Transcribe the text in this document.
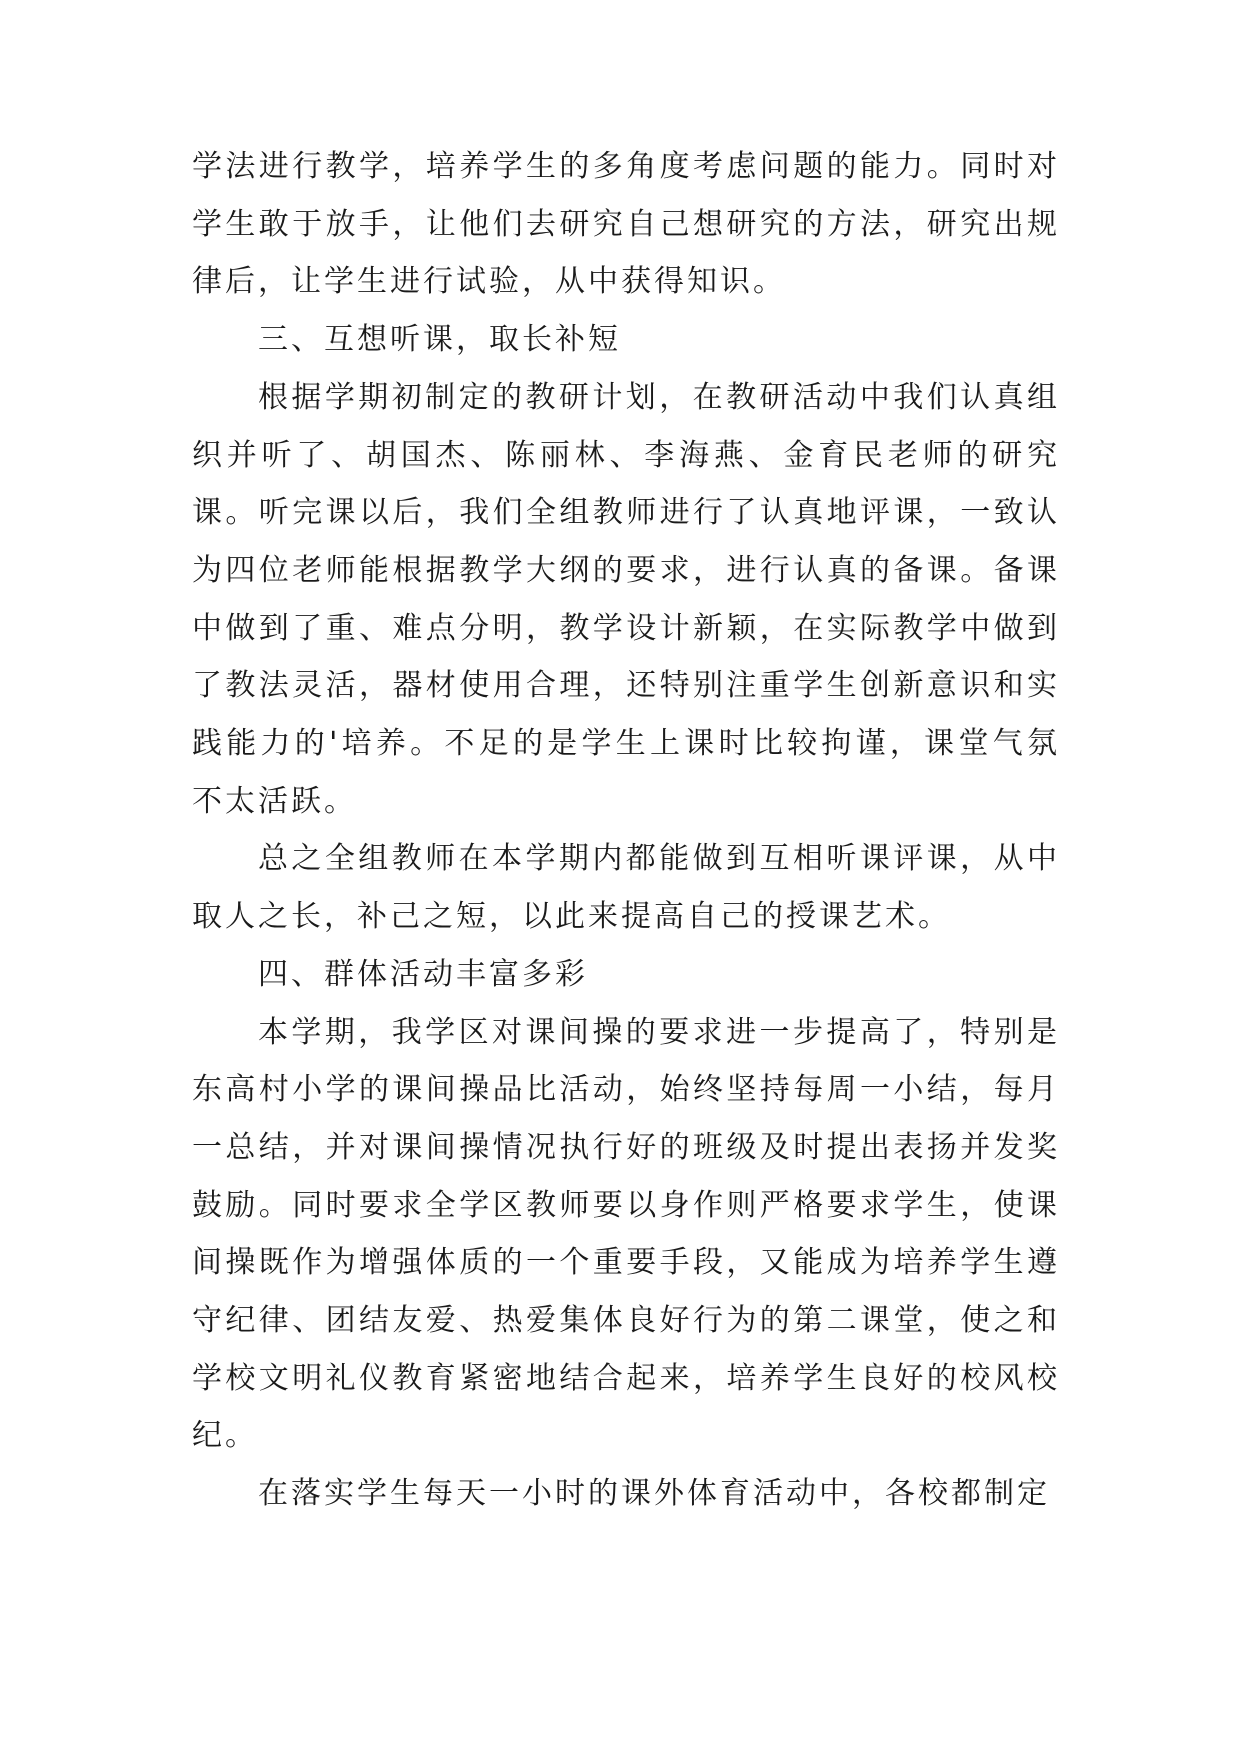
学法进行教学，培养学生的多角度考虑问题的能力。同时对学生敢于放手，让他们去研究自己想研究的方法，研究出规律后，让学生进行试验，从中获得知识。

三、互想听课，取长补短

根据学期初制定的教研计划，在教研活动中我们认真组织并听了、胡国杰、陈丽林、李海燕、金育民老师的研究课。听完课以后，我们全组教师进行了认真地评课，一致认为四位老师能根据教学大纲的要求，进行认真的备课。备课中做到了重、难点分明，教学设计新颖，在实际教学中做到了教法灵活，器材使用合理，还特别注重学生创新意识和实践能力的'培养。不足的是学生上课时比较拘谨，课堂气氛不太活跃。

总之全组教师在本学期内都能做到互相听课评课，从中取人之长，补己之短，以此来提高自己的授课艺术。

四、群体活动丰富多彩

本学期，我学区对课间操的要求进一步提高了，特别是东高村小学的课间操品比活动，始终坚持每周一小结，每月一总结，并对课间操情况执行好的班级及时提出表扬并发奖鼓励。同时要求全学区教师要以身作则严格要求学生，使课间操既作为增强体质的一个重要手段，又能成为培养学生遵守纪律、团结友爱、热爱集体良好行为的第二课堂，使之和学校文明礼仪教育紧密地结合起来，培养学生良好的校风校纪。

在落实学生每天一小时的课外体育活动中，各校都制定
